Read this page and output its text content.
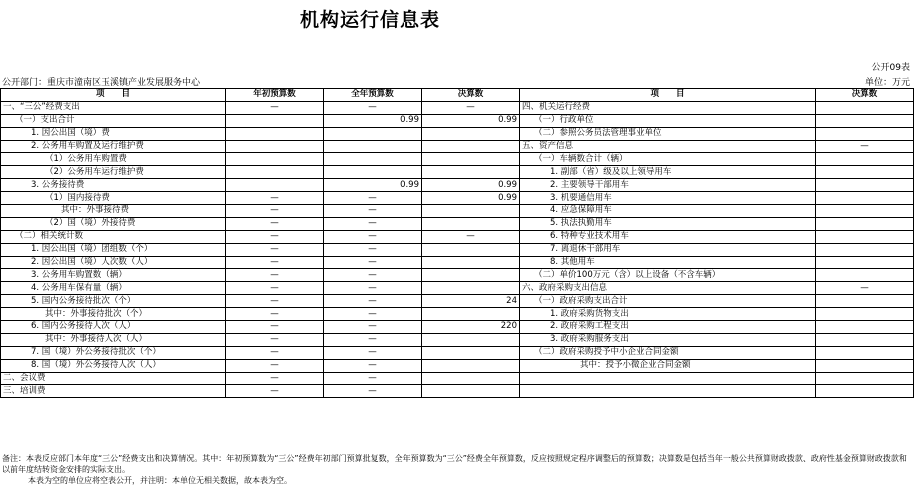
机构运行信息表
公开09表
公开部门：重庆市潼南区玉溪镇产业发展服务中心	单位：万元
项　　目	年初预算数	全年预算数	决算数	项　　目	决算数
一、“三公”经费支出	—	—	—	四、机关运行经费	
（一）支出合计		0.99	0.99	（一）行政单位	
1. 因公出国（境）费				（二）参照公务员法管理事业单位	
2. 公务用车购置及运行维护费				五、资产信息	—
（1）公务用车购置费				（一）车辆数合计（辆）	
（2）公务用车运行维护费				1. 副部（省）级及以上领导用车	
3. 公务接待费		0.99	0.99	2. 主要领导干部用车	
（1）国内接待费	—	—	0.99	3. 机要通信用车	
其中：外事接待费	—	—		4. 应急保障用车	
（2）国（境）外接待费	—	—		5. 执法执勤用车	
（二）相关统计数	—	—	—	6. 特种专业技术用车	
1. 因公出国（境）团组数（个）	—	—		7. 离退休干部用车	
2. 因公出国（境）人次数（人）	—	—		8. 其他用车	
3. 公务用车购置数（辆）	—	—		（二）单价100万元（含）以上设备（不含车辆）	
4. 公务用车保有量（辆）	—	—		六、政府采购支出信息	—
5. 国内公务接待批次（个）	—	—	24	（一）政府采购支出合计	
其中：外事接待批次（个）	—	—		1. 政府采购货物支出	
6. 国内公务接待人次（人）	—	—	220	2. 政府采购工程支出	
其中：外事接待人次（人）	—	—		3. 政府采购服务支出	
7. 国（境）外公务接待批次（个）	—	—		（二）政府采购授予中小企业合同金额	
8. 国（境）外公务接待人次（人）	—	—		其中：授予小微企业合同金额	
二、会议费	—	—			
三、培训费	—	—			
备注：本表反应部门本年度“三公”经费支出和决算情况。其中：年初预算数为“三公”经费年初部门预算批复数，全年预算数为“三公”经费全年预算数，反应按照规定程序调整后的预算数；决算数是包括当年一般公共预算财政拨款、政府性基金预算财政拨款和以前年度结转资金安排的实际支出。
本表为空的单位应将空表公开，并注明：本单位无相关数据，故本表为空。
